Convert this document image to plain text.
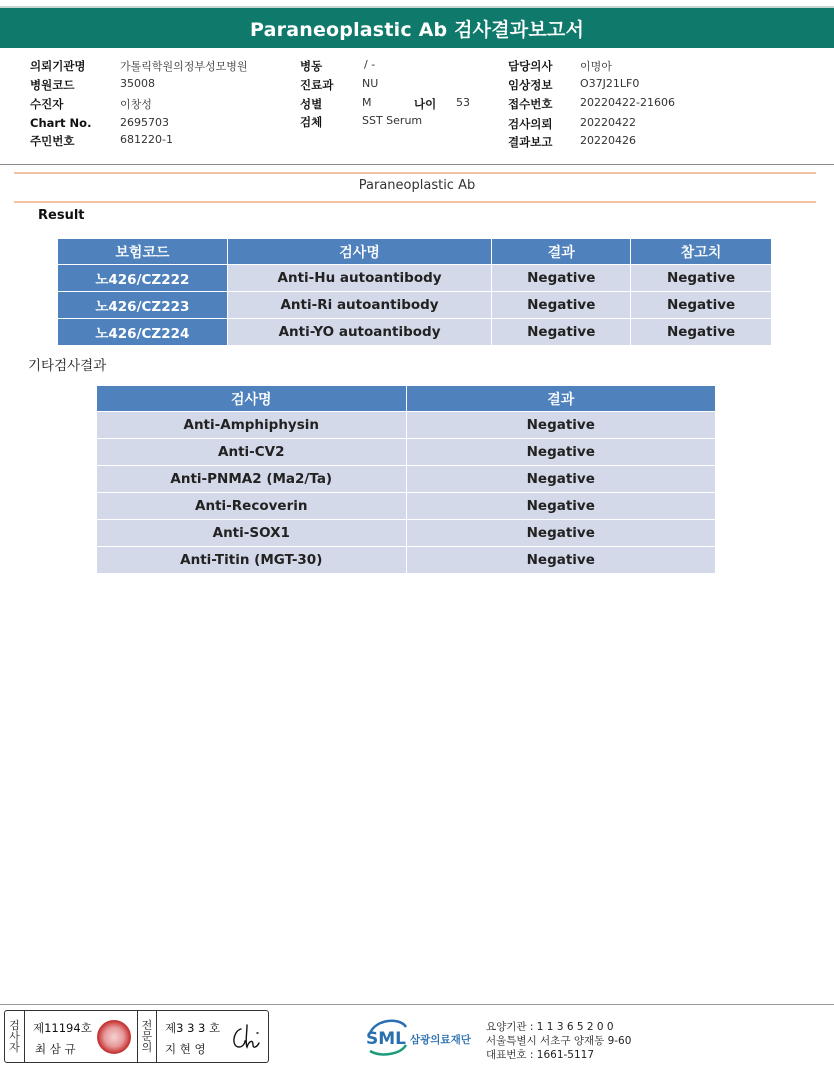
Paraneoplastic Ab 검사결과보고서
의뢰기관명	가톨릭학원의정부성모병원
병원코드	35008
수진자	이창성
Chart No.	2695703
주민번호	681220-1
병동	/ -
진료과	NU
성별	M	나이 53
검체	SST Serum
담당의사	이명아
임상정보	O37J21LF0
접수번호	20220422-21606
검사의뢰	20220422
결과보고	20220426
Paraneoplastic Ab
Result
보험코드	검사명	결과	참고치
노426/CZ222	Anti-Hu autoantibody	Negative	Negative
노426/CZ223	Anti-Ri autoantibody	Negative	Negative
노426/CZ224	Anti-YO autoantibody	Negative	Negative
기타검사결과
검사명	결과
Anti-Amphiphysin	Negative
Anti-CV2	Negative
Anti-PNMA2 (Ma2/Ta)	Negative
Anti-Recoverin	Negative
Anti-SOX1	Negative
Anti-Titin (MGT-30)	Negative
검
사
자
제11194호
최 삼 규
전
문
의
제3 3 3 호
지 현 영	SML 삼광의료재단
요양기관 : 1 1 3 6 5 2 0 0
서울특별시 서초구 양재동 9-60
대표번호 : 1661-5117
